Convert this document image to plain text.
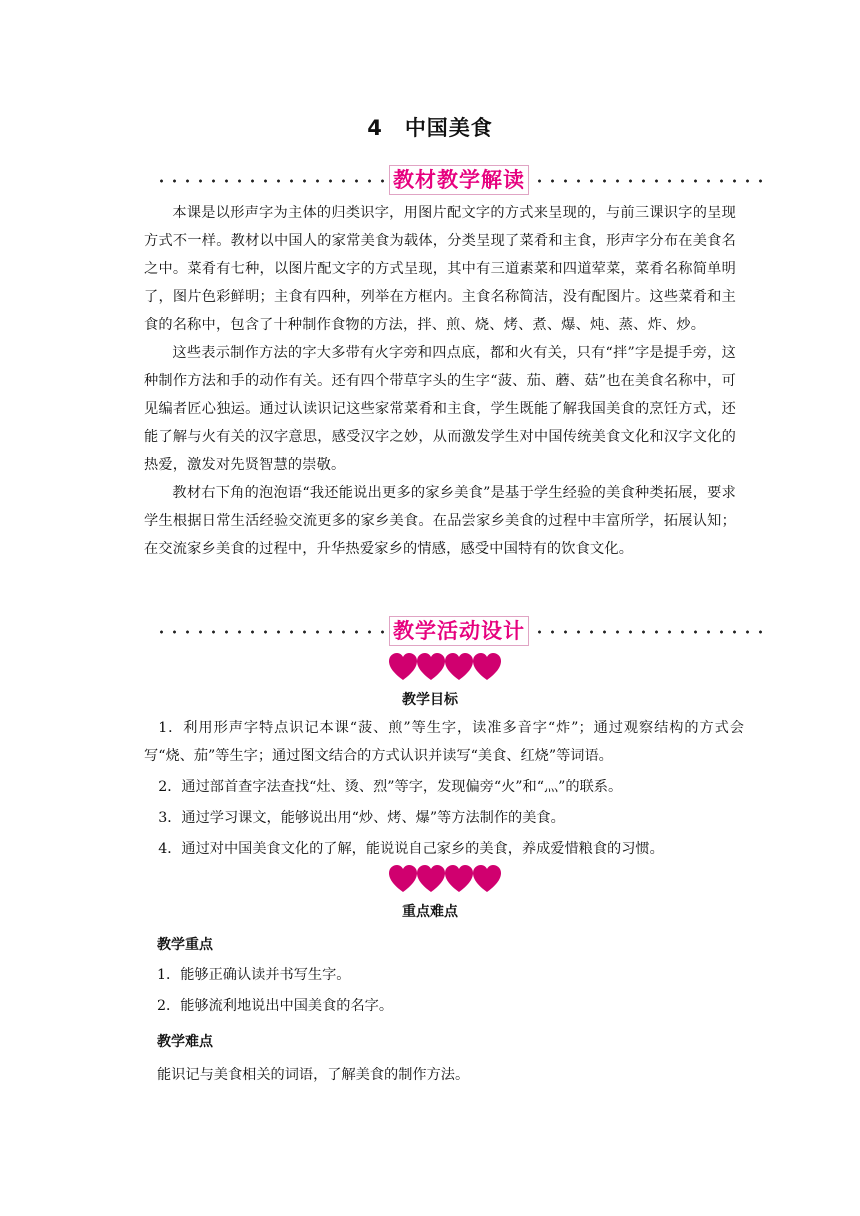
4 中国美食
教材教学解读

本课是以形声字为主体的归类识字，用图片配文字的方式来呈现的，与前三课识字的呈现方式不一样。教材以中国人的家常美食为载体，分类呈现了菜肴和主食，形声字分布在美食名之中。菜肴有七种，以图片配文字的方式呈现，其中有三道素菜和四道荤菜，菜肴名称简单明了，图片色彩鲜明；主食有四种，列举在方框内。主食名称简洁，没有配图片。这些菜肴和主食的名称中，包含了十种制作食物的方法，拌、煎、烧、烤、煮、爆、炖、蒸、炸、炒。

这些表示制作方法的字大多带有火字旁和四点底，都和火有关，只有“拌”字是提手旁，这种制作方法和手的动作有关。还有四个带草字头的生字“菠、茄、蘑、菇”也在美食名称中，可见编者匠心独运。通过认读识记这些家常菜肴和主食，学生既能了解我国美食的烹饪方式，还能了解与火有关的汉字意思，感受汉字之妙，从而激发学生对中国传统美食文化和汉字文化的热爱，激发对先贤智慧的崇敬。

教材右下角的泡泡语“我还能说出更多的家乡美食”是基于学生经验的美食种类拓展，要求学生根据日常生活经验交流更多的家乡美食。在品尝家乡美食的过程中丰富所学，拓展认知；在交流家乡美食的过程中，升华热爱家乡的情感，感受中国特有的饮食文化。

教学活动设计
教学目标

1．利用形声字特点识记本课“菠、煎”等生字，读准多音字“炸”；通过观察结构的方式会写“烧、茄”等生字；通过图文结合的方式认识并读写“美食、红烧”等词语。

2．通过部首查字法查找“灶、烫、烈”等字，发现偏旁“火”和“灬”的联系。

3．通过学习课文，能够说出用“炒、烤、爆”等方法制作的美食。

4．通过对中国美食文化的了解，能说说自己家乡的美食，养成爱惜粮食的习惯。

重点难点
教学重点
1．能够正确认读并书写生字。
2．能够流利地说出中国美食的名字。
教学难点
能识记与美食相关的词语，了解美食的制作方法。
